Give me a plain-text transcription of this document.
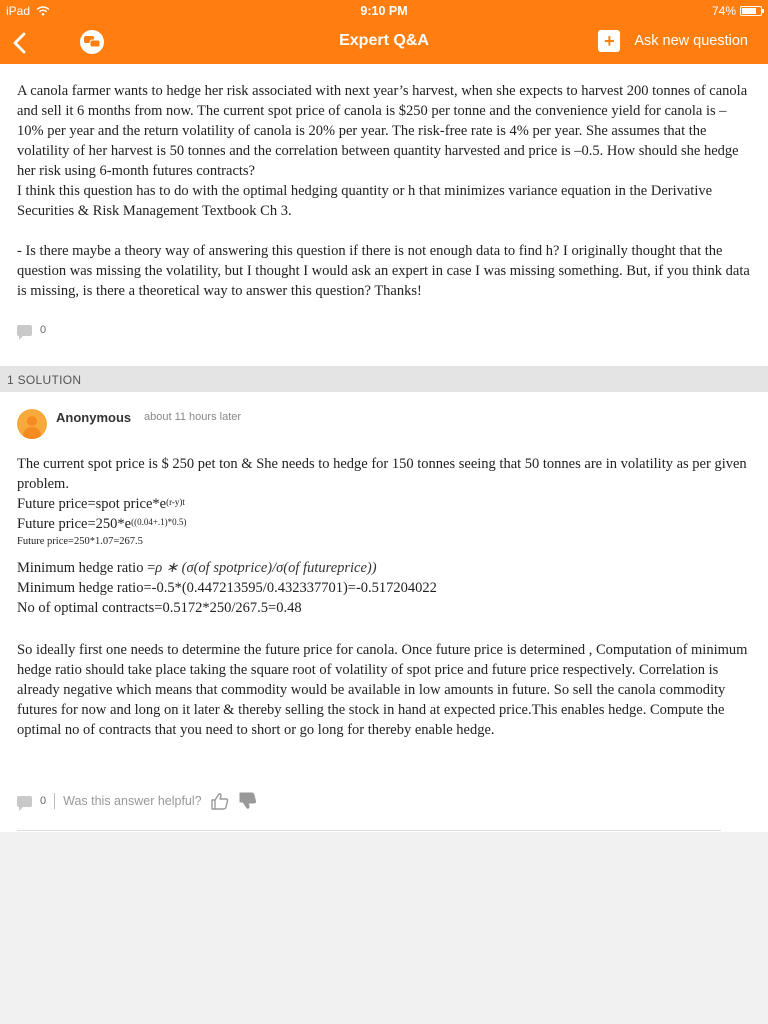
iPad	9:10 PM	74%
Expert Q&A	+	Ask new question

A canola farmer wants to hedge her risk associated with next year’s harvest, when she expects to harvest 200 tonnes of canola and sell it 6 months from now. The current spot price of canola is $250 per tonne and the convenience yield for canola is –10% per year and the return volatility of canola is 20% per year. The risk-free rate is 4% per year. She assumes that the volatility of her harvest is 50 tonnes and the correlation between quantity harvested and price is –0.5. How should she hedge her risk using 6-month futures contracts?

I think this question has to do with the optimal hedging quantity or h that minimizes variance equation in the Derivative Securities & Risk Management Textbook Ch 3.

- Is there maybe a theory way of answering this question if there is not enough data to find h? I originally thought that the question was missing the volatility, but I thought I would ask an expert in case I was missing something. But, if you think data is missing, is there a theoretical way to answer this question? Thanks!

0
1 SOLUTION
Anonymous about 11 hours later

The current spot price is $ 250 pet ton & She needs to hedge for 150 tonnes seeing that 50 tonnes are in volatility as per given problem.

Future price=spot $price*e^{(r-y)t}$

Future $price=250*e^{((0.04+.1)*0.5)}$

Future price=250*1.07=267.5

Minimum hedge ratio =ρ ∗ (σ(of spotprice)/σ(of futureprice))

Minimum hedge ratio=-0.5*(0.447213595/0.432337701)=-0.517204022

No of optimal contracts=0.5172*250/267.5=0.48

So ideally first one needs to determine the future price for canola. Once future price is determined , Computation of minimum hedge ratio should take place taking the square root of volatility of spot price and future price respectively. Correlation is already negative which means that commodity would be available in low amounts in future. So sell the canola commodity futures for now and long on it later & thereby selling the stock in hand at expected price.This enables hedge. Compute the optimal no of contracts that you need to short or go long for thereby enable hedge.

0 Was this answer helpful?
